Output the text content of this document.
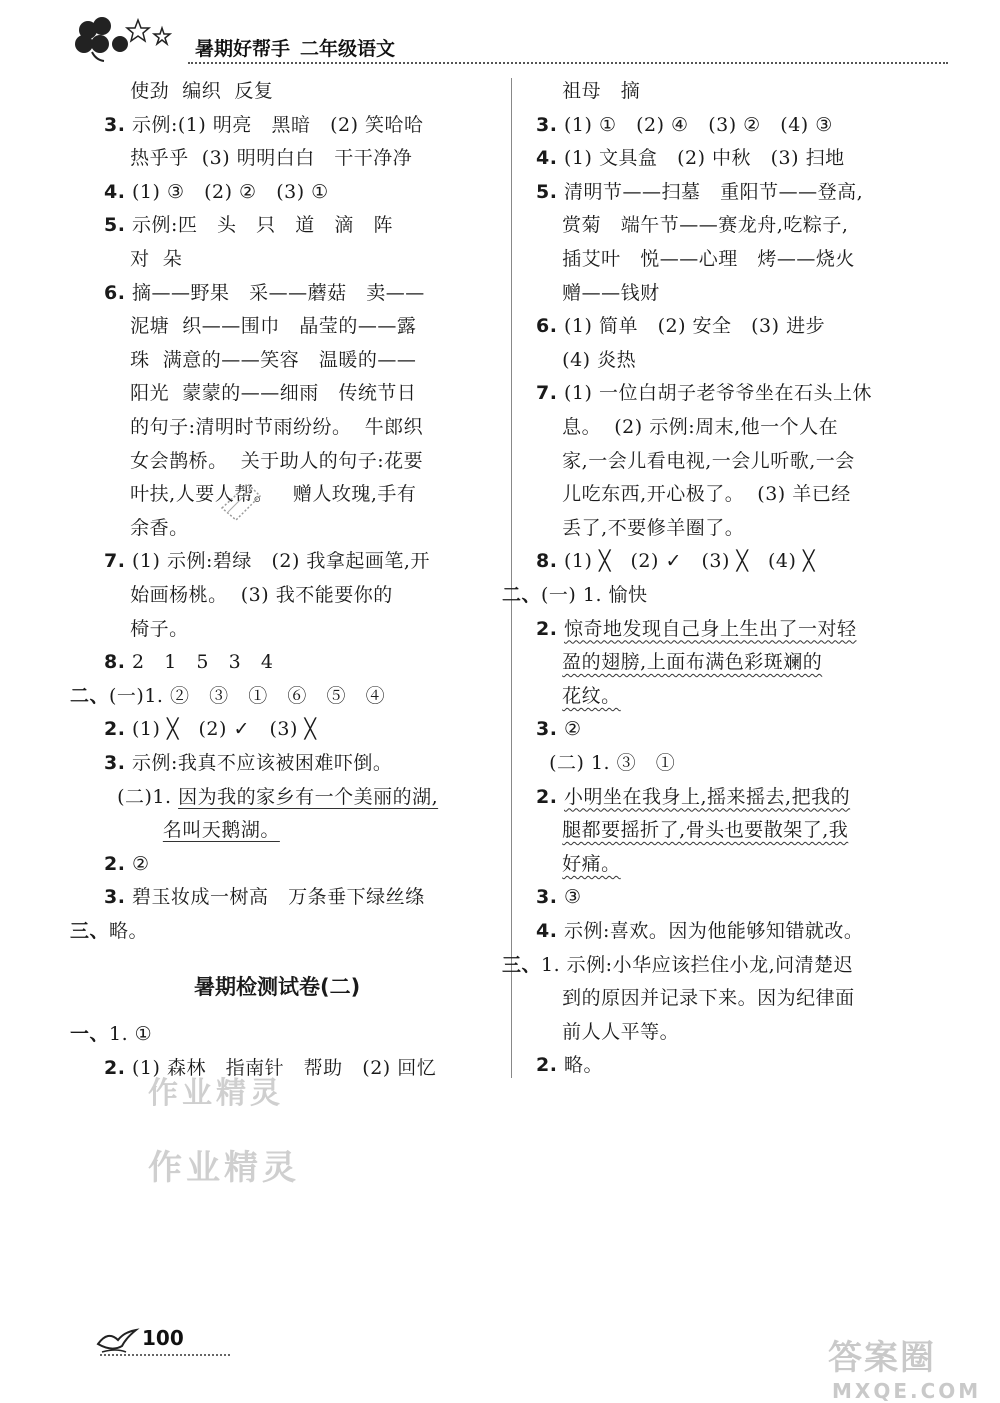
暑期好帮手 二年级语文
使劲  编织  反复
3. 示例:(1) 明亮   黑暗   (2) 笑哈哈
热乎乎  (3) 明明白白   干干净净
4. (1) ③   (2) ②   (3) ①
5. 示例:匹   头   只   道   滴   阵
对  朵
6. 摘——野果   采——蘑菇   卖——
泥塘  织——围巾   晶莹的——露
珠  满意的——笑容   温暖的——
阳光  蒙蒙的——细雨   传统节日
的句子:清明时节雨纷纷。  牛郎织
女会鹊桥。  关于助人的句子:花要
叶扶,人要人帮。   赠人玫瑰,手有
余香。
7. (1) 示例:碧绿   (2) 我拿起画笔,开
始画杨桃。  (3) 我不能要你的
椅子。
8. 2   1   5   3   4
二、(一)1. ②   ③   ①   ⑥   ⑤   ④
2. (1) ╳   (2) ✓   (3) ╳
3. 示例:我真不应该被困难吓倒。
(二)1. 因为我的家乡有一个美丽的湖,
名叫天鹅湖。
2. ②
3. 碧玉妆成一树高   万条垂下绿丝绦
三、略。
暑期检测试卷(二)
一、1. ①
2. (1) 森林   指南针   帮助   (2) 回忆
祖母   摘
3. (1) ①   (2) ④   (3) ②   (4) ③
4. (1) 文具盒   (2) 中秋   (3) 扫地
5. 清明节——扫墓   重阳节——登高,
赏菊   端午节——赛龙舟,吃粽子,
插艾叶   悦——心理   烤——烧火
赠——钱财
6. (1) 简单   (2) 安全   (3) 进步
(4) 炎热
7. (1) 一位白胡子老爷爷坐在石头上休
息。  (2) 示例:周末,他一个人在
家,一会儿看电视,一会儿听歌,一会
儿吃东西,开心极了。  (3) 羊已经
丢了,不要修羊圈了。
8. (1) ╳   (2) ✓   (3) ╳   (4) ╳
二、(一) 1. 愉快
2. 惊奇地发现自己身上生出了一对轻
盈的翅膀,上面布满色彩斑斓的
花纹。
3. ②
(二) 1. ③   ①
2. 小明坐在我身上,摇来摇去,把我的
腿都要摇折了,骨头也要散架了,我
好痛。
3. ③
4. 示例:喜欢。因为他能够知错就改。
三、1. 示例:小华应该拦住小龙,问清楚迟
到的原因并记录下来。因为纪律面
前人人平等。
2. 略。
作业精灵
作业精灵
100	答案圈
MXQE.COM
